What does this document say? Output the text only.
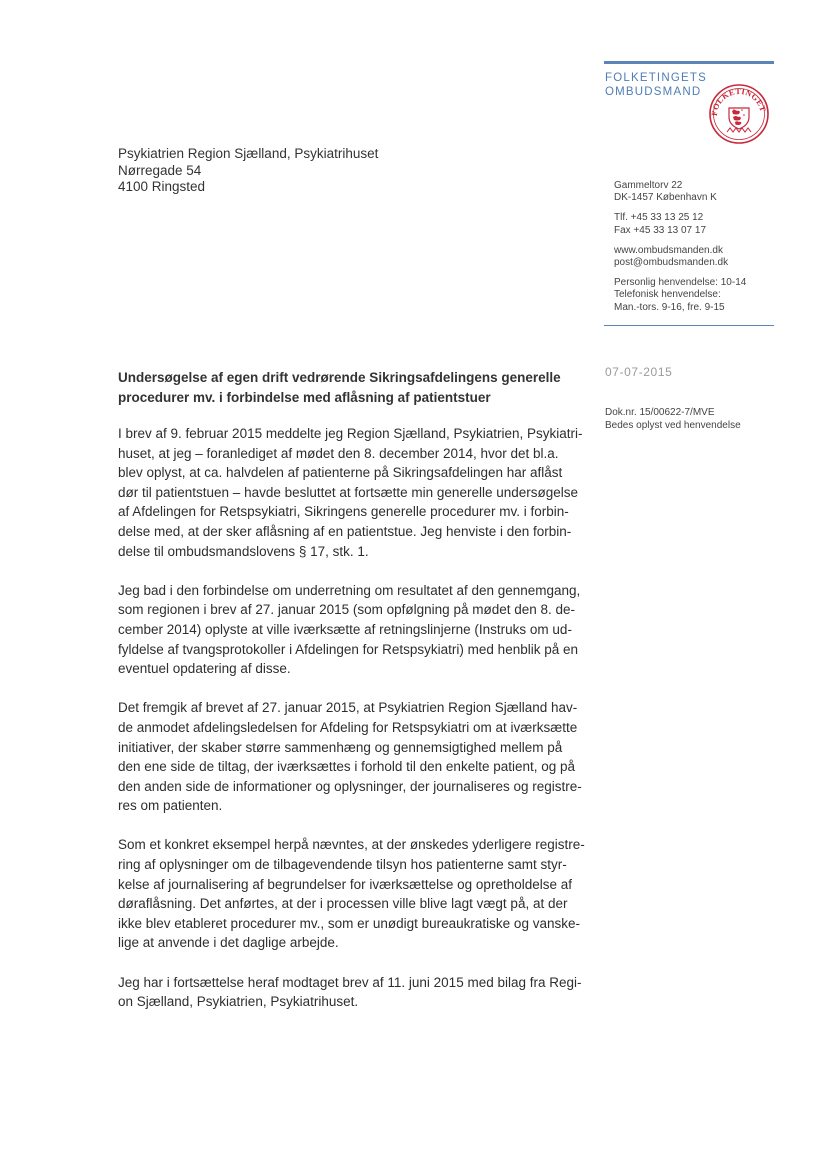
FOLKETINGETS
OMBUDSMAND
FOLKETINGET
Psykiatrien Region Sjælland, Psykiatrihuset
Nørregade 54
4100 Ringsted	Gammeltorv 22
DK-1457 København K
Tlf. +45 33 13 25 12
Fax +45 33 13 07 17
www.ombudsmanden.dk
post@ombudsmanden.dk
Personlig henvendelse: 10-14
Telefonisk henvendelse:
Man.-tors. 9-16, fre. 9-15
07-07-2015
Dok.nr. 15/00622-7/MVE
Bedes oplyst ved henvendelse
Undersøgelse af egen drift vedrørende Sikringsafdelingens generelle
procedurer mv. i forbindelse med aflåsning af patientstuer
I brev af 9. februar 2015 meddelte jeg Region Sjælland, Psykiatrien, Psykiatri-
huset, at jeg – foranlediget af mødet den 8. december 2014, hvor det bl.a.
blev oplyst, at ca. halvdelen af patienterne på Sikringsafdelingen har aflåst
dør til patientstuen – havde besluttet at fortsætte min generelle undersøgelse
af Afdelingen for Retspsykiatri, Sikringens generelle procedurer mv. i forbin-
delse med, at der sker aflåsning af en patientstue. Jeg henviste i den forbin-
delse til ombudsmandslovens § 17, stk. 1.
Jeg bad i den forbindelse om underretning om resultatet af den gennemgang,
som regionen i brev af 27. januar 2015 (som opfølgning på mødet den 8. de-
cember 2014) oplyste at ville iværksætte af retningslinjerne (Instruks om ud-
fyldelse af tvangsprotokoller i Afdelingen for Retspsykiatri) med henblik på en
eventuel opdatering af disse.
Det fremgik af brevet af 27. januar 2015, at Psykiatrien Region Sjælland hav-
de anmodet afdelingsledelsen for Afdeling for Retspsykiatri om at iværksætte
initiativer, der skaber større sammenhæng og gennemsigtighed mellem på
den ene side de tiltag, der iværksættes i forhold til den enkelte patient, og på
den anden side de informationer og oplysninger, der journaliseres og registre-
res om patienten.
Som et konkret eksempel herpå nævntes, at der ønskedes yderligere registre-
ring af oplysninger om de tilbagevendende tilsyn hos patienterne samt styr-
kelse af journalisering af begrundelser for iværksættelse og opretholdelse af
døraflåsning. Det anførtes, at der i processen ville blive lagt vægt på, at der
ikke blev etableret procedurer mv., som er unødigt bureaukratiske og vanske-
lige at anvende i det daglige arbejde.
Jeg har i fortsættelse heraf modtaget brev af 11. juni 2015 med bilag fra Regi-
on Sjælland, Psykiatrien, Psykiatrihuset.
